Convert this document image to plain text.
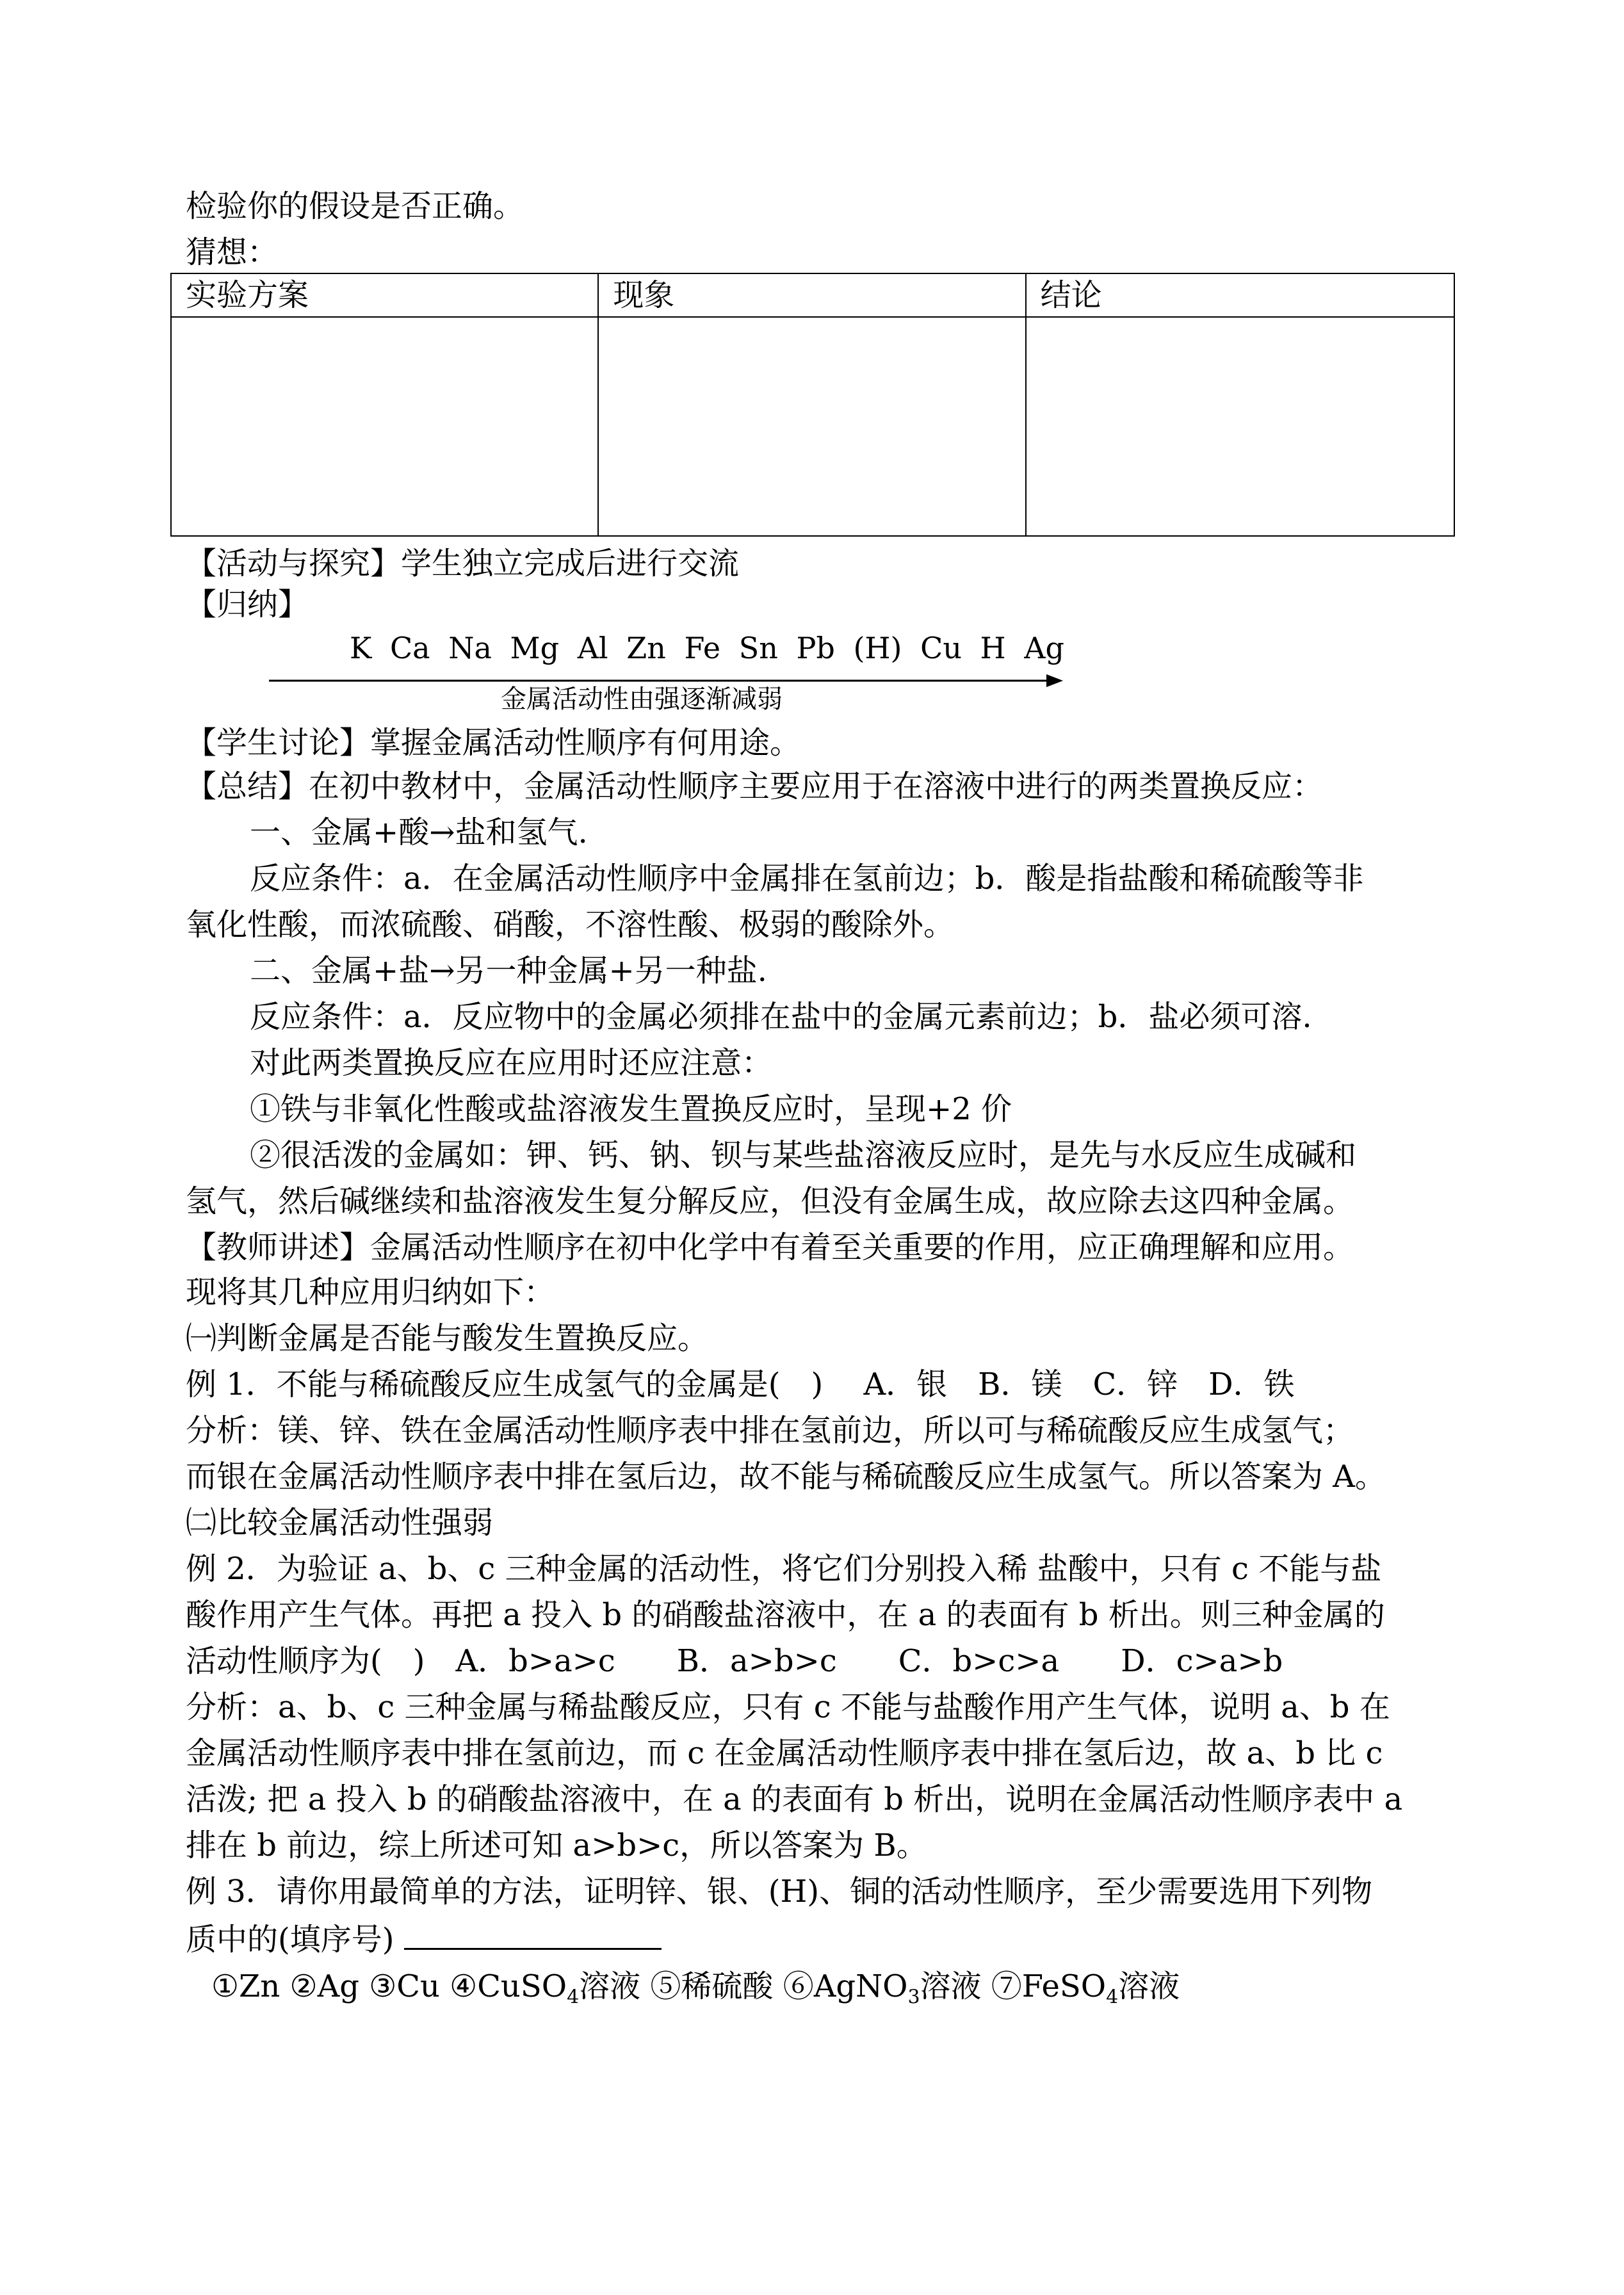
检验你的假设是否正确。
猜想：
实验方案	现象	结论

【活动与探究】学生独立完成后进行交流
【归纳】
K Ca Na Mg Al Zn Fe Sn Pb (H) Cu H Ag
金属活动性由强逐渐减弱
【学生讨论】掌握金属活动性顺序有何用途。
【总结】在初中教材中，金属活动性顺序主要应用于在溶液中进行的两类置换反应：
一、金属+酸→盐和氢气.
反应条件：a．在金属活动性顺序中金属排在氢前边；b．酸是指盐酸和稀硫酸等非
氧化性酸，而浓硫酸、硝酸，不溶性酸、极弱的酸除外。
二、金属+盐→另一种金属+另一种盐.
反应条件：a．反应物中的金属必须排在盐中的金属元素前边；b．盐必须可溶.
对此两类置换反应在应用时还应注意：
①铁与非氧化性酸或盐溶液发生置换反应时，呈现+2 价
②很活泼的金属如：钾、钙、钠、钡与某些盐溶液反应时，是先与水反应生成碱和
氢气，然后碱继续和盐溶液发生复分解反应，但没有金属生成，故应除去这四种金属。
【教师讲述】金属活动性顺序在初中化学中有着至关重要的作用，应正确理解和应用。
现将其几种应用归纳如下：
㈠判断金属是否能与酸发生置换反应。
例 1．不能与稀硫酸反应生成氢气的金属是(　)　 A．银　B．镁　C．锌　D．铁
分析：镁、锌、铁在金属活动性顺序表中排在氢前边，所以可与稀硫酸反应生成氢气；
而银在金属活动性顺序表中排在氢后边，故不能与稀硫酸反应生成氢气。所以答案为 A。
㈡比较金属活动性强弱
例 2．为验证 a、b、c 三种金属的活动性，将它们分别投入稀 盐酸中，只有 c 不能与盐
酸作用产生气体。再把 a 投入 b 的硝酸盐溶液中，在 a 的表面有 b 析出。则三种金属的
活动性顺序为(　)　A．b>a>c　　B．a>b>c　　C．b>c>a　　D．c>a>b
分析：a、b、c 三种金属与稀盐酸反应，只有 c 不能与盐酸作用产生气体，说明 a、b 在
金属活动性顺序表中排在氢前边，而 c 在金属活动性顺序表中排在氢后边，故 a、b 比 c
活泼; 把 a 投入 b 的硝酸盐溶液中，在 a 的表面有 b 析出，说明在金属活动性顺序表中 a
排在 b 前边，综上所述可知 a>b>c，所以答案为 B。
例 3．请你用最简单的方法，证明锌、银、(H)、铜的活动性顺序，至少需要选用下列物
质中的(填序号)
①Zn ②Ag ③Cu ④CuSO$_4$溶液 ⑤稀硫酸 ⑥AgNO$_3$溶液 ⑦FeSO$_4$溶液
